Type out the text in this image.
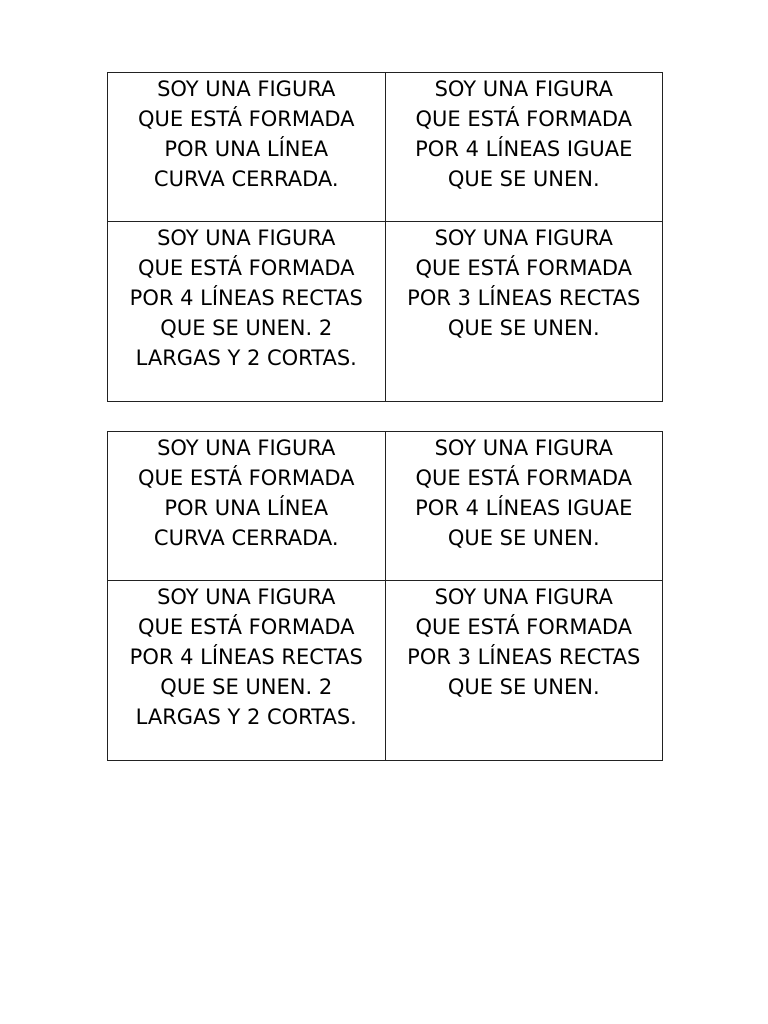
SOY UNA FIGURA
QUE ESTÁ FORMADA
POR UNA LÍNEA
CURVA CERRADA.	SOY UNA FIGURA
QUE ESTÁ FORMADA
POR 4 LÍNEAS IGUAE
QUE SE UNEN.

SOY UNA FIGURA
QUE ESTÁ FORMADA
POR 4 LÍNEAS RECTAS
QUE SE UNEN. 2
LARGAS Y 2 CORTAS.	SOY UNA FIGURA
QUE ESTÁ FORMADA
POR 3 LÍNEAS RECTAS
QUE SE UNEN.
SOY UNA FIGURA
QUE ESTÁ FORMADA
POR UNA LÍNEA
CURVA CERRADA.	SOY UNA FIGURA
QUE ESTÁ FORMADA
POR 4 LÍNEAS IGUAE
QUE SE UNEN.

SOY UNA FIGURA
QUE ESTÁ FORMADA
POR 4 LÍNEAS RECTAS
QUE SE UNEN. 2
LARGAS Y 2 CORTAS.	SOY UNA FIGURA
QUE ESTÁ FORMADA
POR 3 LÍNEAS RECTAS
QUE SE UNEN.
